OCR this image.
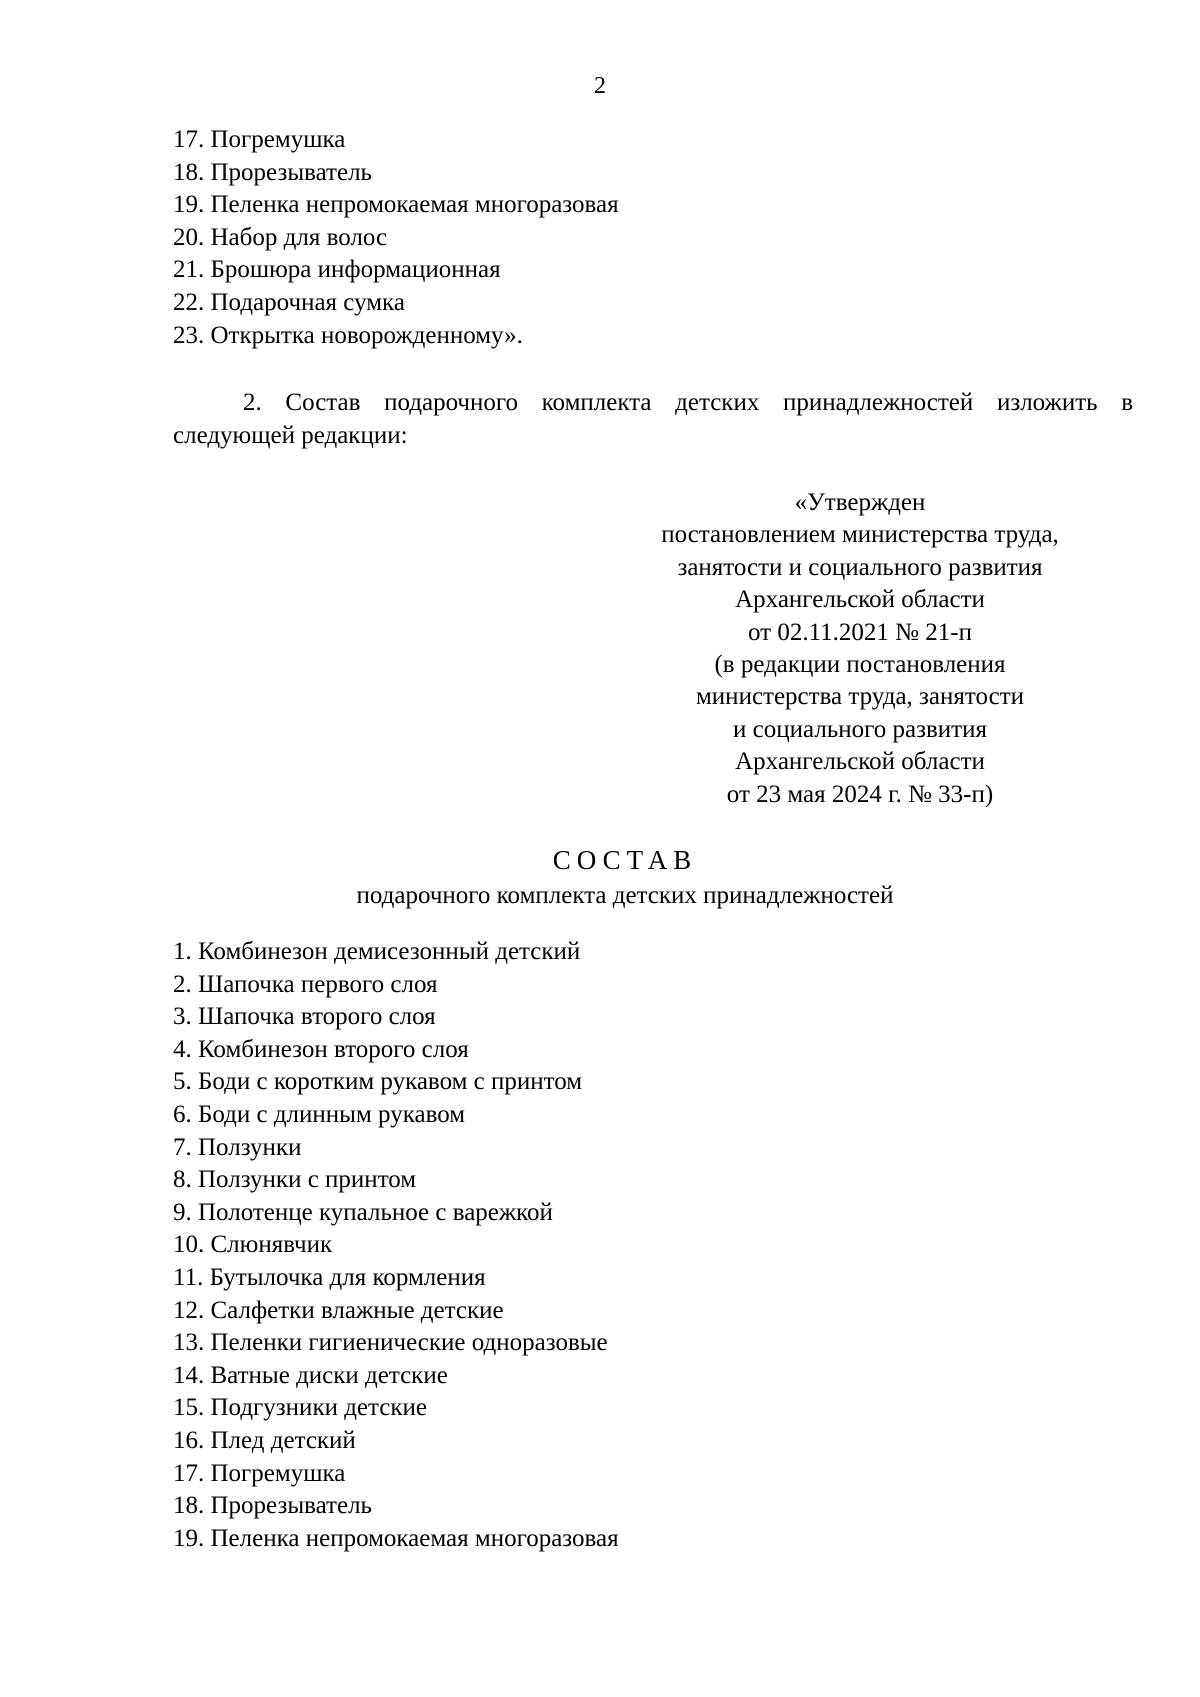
2
17. Погремушка
18. Прорезыватель
19. Пеленка непромокаемая многоразовая
20. Набор для волос
21. Брошюра информационная
22. Подарочная сумка
23. Открытка новорожденному».
2. Состав подарочного комплекта детских принадлежностей изложить в следующей редакции:
«Утвержден
постановлением министерства труда,
занятости и социального развития
Архангельской области
от 02.11.2021 № 21-п
(в редакции постановления
министерства труда, занятости
и социального развития
Архангельской области
от 23 мая 2024 г. № 33-п)
СОСТАВ
подарочного комплекта детских принадлежностей
1. Комбинезон демисезонный детский
2. Шапочка первого слоя
3. Шапочка второго слоя
4. Комбинезон второго слоя
5. Боди с коротким рукавом с принтом
6. Боди с длинным рукавом
7. Ползунки
8. Ползунки с принтом
9. Полотенце купальное с варежкой
10. Слюнявчик
11. Бутылочка для кормления
12. Салфетки влажные детские
13. Пеленки гигиенические одноразовые
14. Ватные диски детские
15. Подгузники детские
16. Плед детский
17. Погремушка
18. Прорезыватель
19. Пеленка непромокаемая многоразовая
